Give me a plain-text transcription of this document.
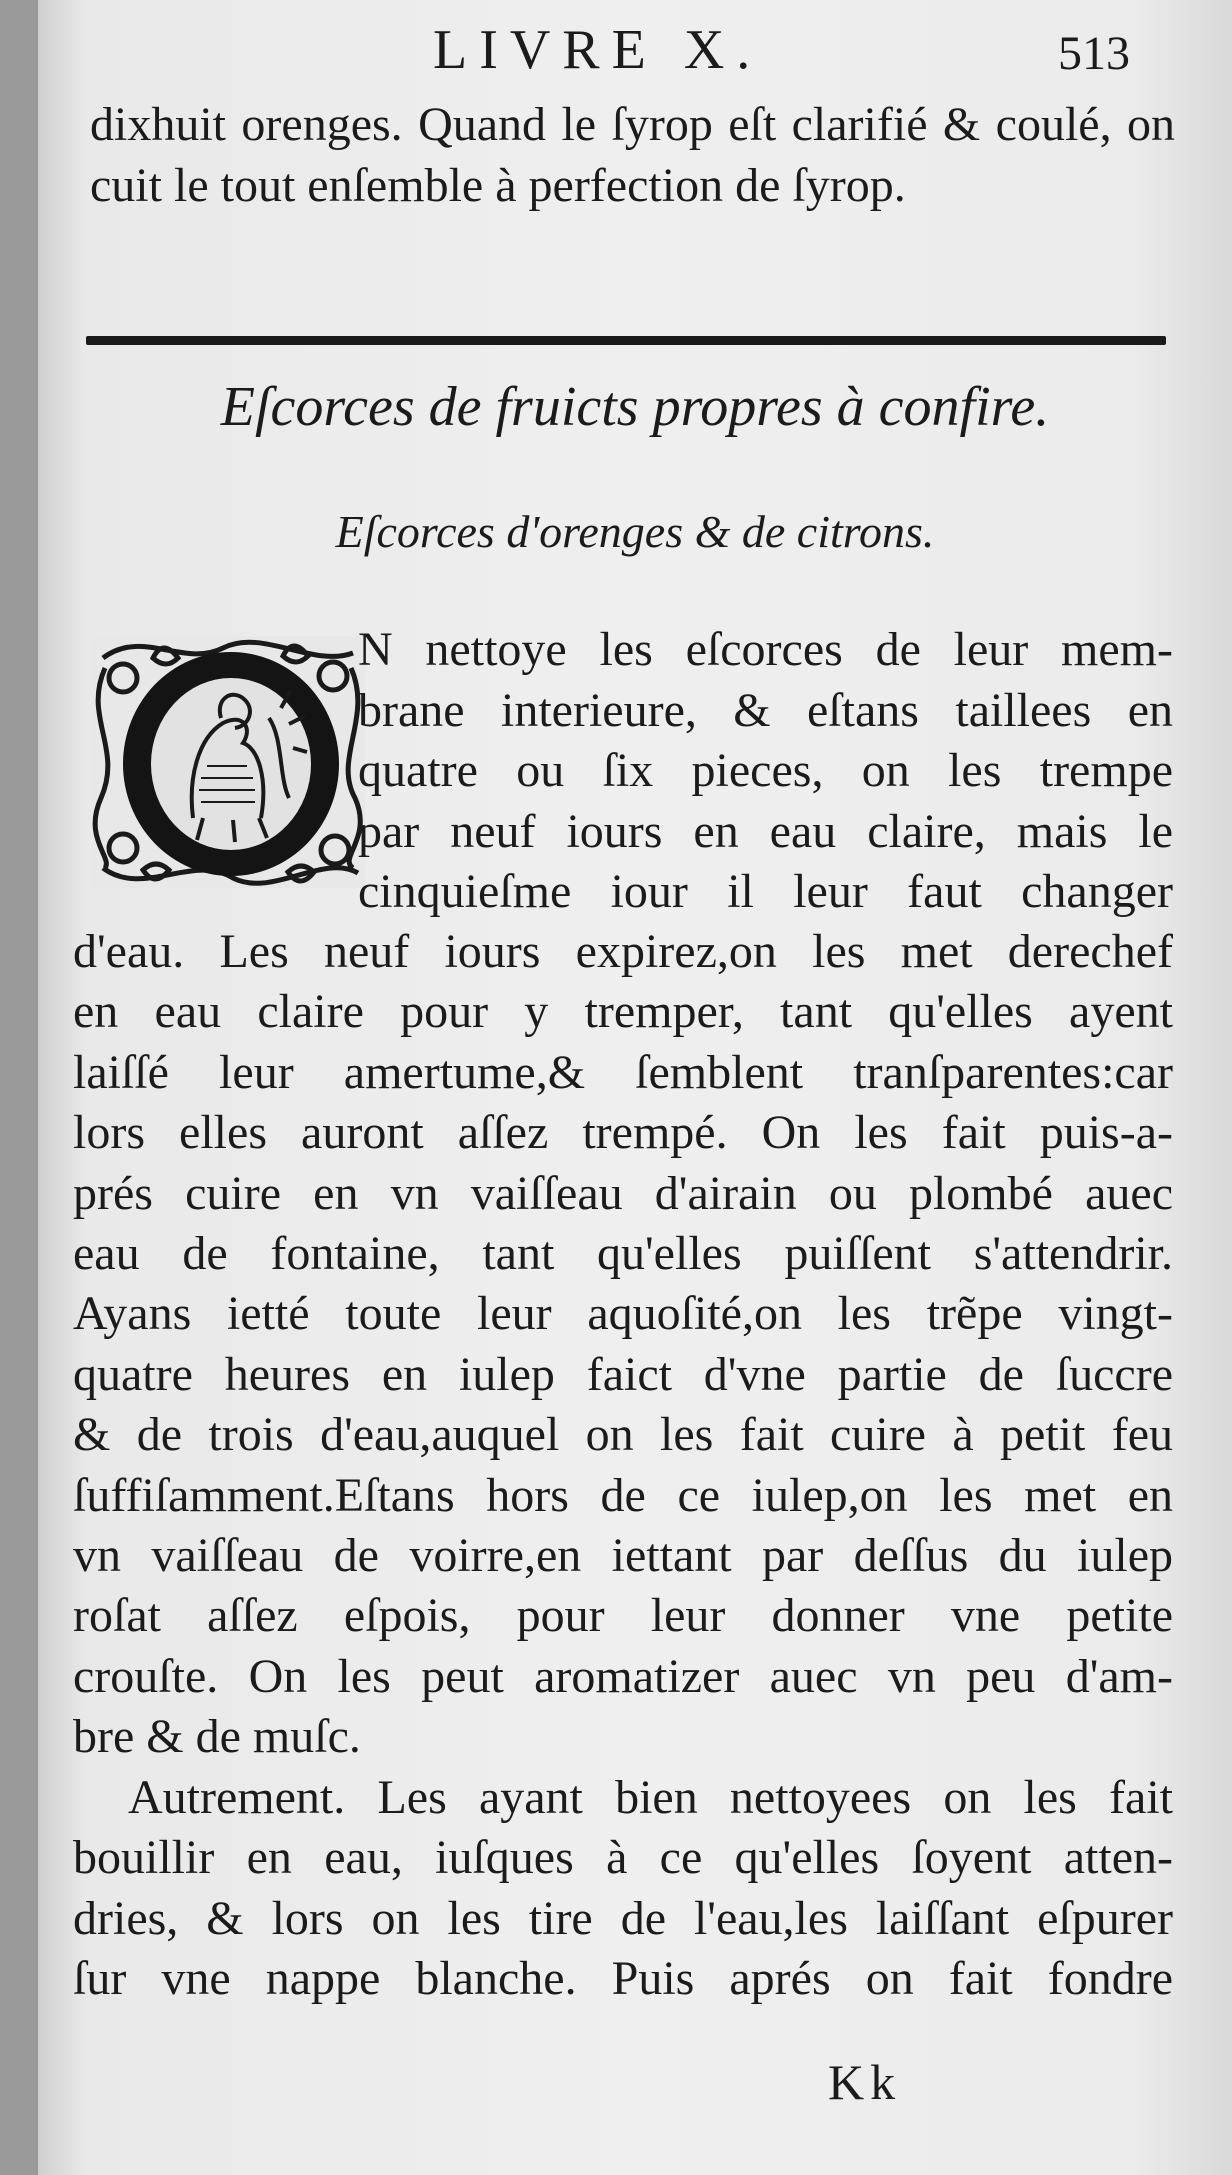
LIVRE X.	513

dixhuit orenges. Quand le ſyrop eſt clarifié & coulé, on cuit le tout enſemble à perfection de ſyrop.

Eſcorces de fruicts propres à confire.
Eſcorces d'orenges & de citrons.
N nettoye les eſcorces de leur mem-
brane interieure, & eſtans taillees en
quatre ou ſix pieces, on les trempe
par neuf iours en eau claire, mais le
cinquieſme iour il leur faut changer
d'eau. Les neuf iours expirez,on les met derechef
en eau claire pour y tremper, tant qu'elles ayent
laiſſé leur amertume,& ſemblent tranſparentes:car
lors elles auront aſſez trempé. On les fait puis-a-
prés cuire en vn vaiſſeau d'airain ou plombé auec
eau de fontaine, tant qu'elles puiſſent s'attendrir.
Ayans ietté toute leur aquoſité,on les trẽpe vingt-
quatre heures en iulep faict d'vne partie de ſuccre
& de trois d'eau,auquel on les fait cuire à petit feu
ſuffiſamment.Eſtans hors de ce iulep,on les met en
vn vaiſſeau de voirre,en iettant par deſſus du iulep
roſat aſſez eſpois, pour leur donner vne petite
crouſte. On les peut aromatizer auec vn peu d'am-
bre & de muſc.
Autrement. Les ayant bien nettoyees on les fait
bouillir en eau, iuſques à ce qu'elles ſoyent atten-
dries, & lors on les tire de l'eau,les laiſſant eſpurer
ſur vne nappe blanche. Puis aprés on fait fondre
Kk
